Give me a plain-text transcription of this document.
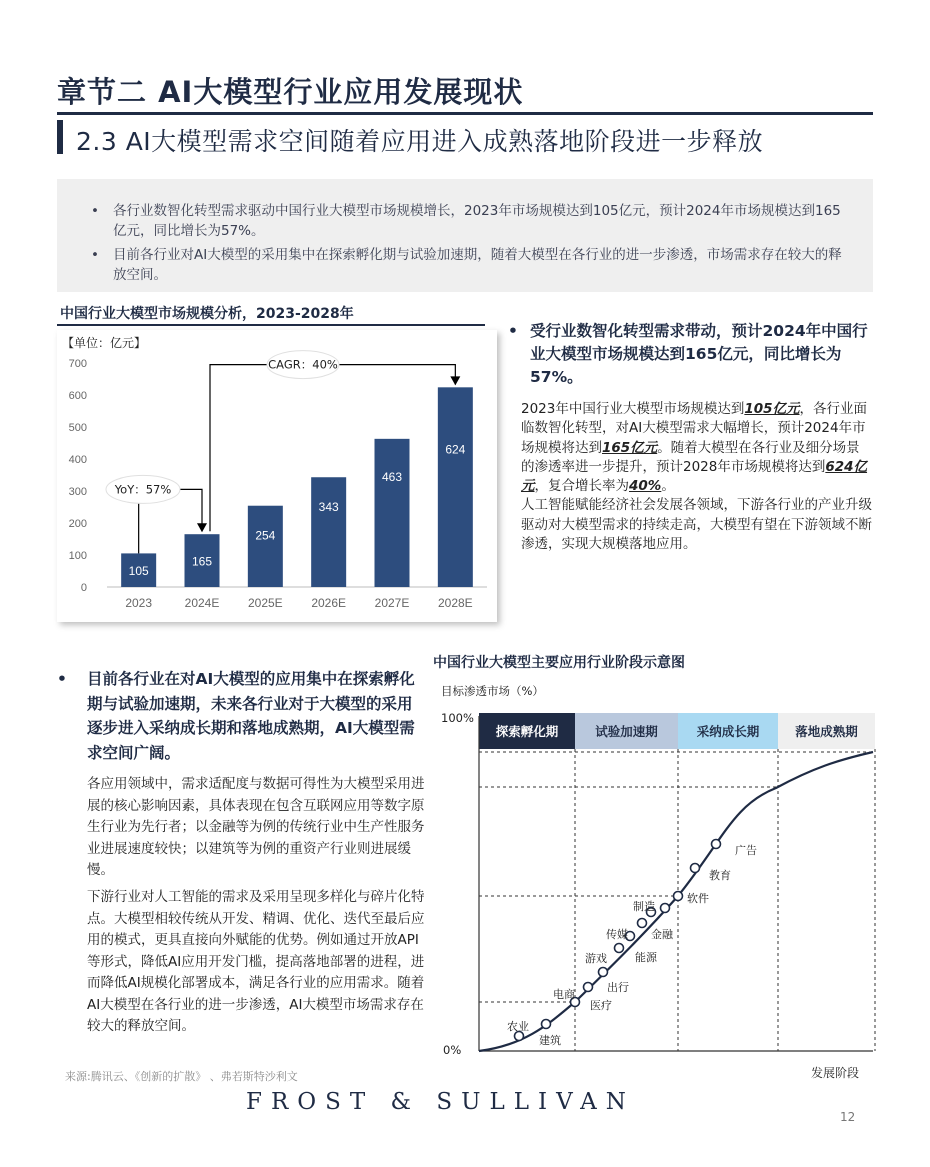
章节二 AI大模型行业应用发展现状
2.3 AI大模型需求空间随着应用进入成熟落地阶段进一步释放
•	各行业数智化转型需求驱动中国行业大模型市场规模增长，2023年市场规模达到105亿元，预计2024年市场规模达到165亿元，同比增长为57%。
•	目前各行业对AI大模型的采用集中在探索孵化期与试验加速期，随着大模型在各行业的进一步渗透，市场需求存在较大的释放空间。
中国行业大模型市场规模分析，2023-2028年
【单位：亿元】
0
100
200
300
400
500
600
700
105
2023
165
2024E
254
2025E
343
2026E
463
2027E
624
2028E
YoY：57%
CAGR：40%
• 受行业数智化转型需求带动，预计2024年中国行业大模型市场规模达到165亿元，同比增长为57%。

2023年中国行业大模型市场规模达到105亿元，各行业面临数智化转型，对AI大模型需求大幅增长，预计2024年市场规模将达到165亿元。随着大模型在各行业及细分场景的渗透率进一步提升，预计2028年市场规模将达到624亿元，复合增长率为40%。

人工智能赋能经济社会发展各领域，下游各行业的产业升级驱动对大模型需求的持续走高，大模型有望在下游领域不断渗透，实现大规模落地应用。

•	目前各行业在对AI大模型的应用集中在探索孵化期与试验加速期，未来各行业对于大模型的采用逐步进入采纳成长期和落地成熟期，AI大模型需求空间广阔。

各应用领域中，需求适配度与数据可得性为大模型采用进展的核心影响因素，具体表现在包含互联网应用等数字原生行业为先行者；以金融等为例的传统行业中生产性服务业进展速度较快；以建筑等为例的重资产行业则进展缓慢。

下游行业对人工智能的需求及采用呈现多样化与碎片化特点。大模型相较传统从开发、精调、优化、迭代至最后应用的模式，更具直接向外赋能的优势。例如通过开放API等形式，降低AI应用开发门槛，提高落地部署的进程，进而降低AI规模化部署成本，满足各行业的应用需求。随着AI大模型在各行业的进一步渗透，AI大模型市场需求存在较大的释放空间。

中国行业大模型主要应用行业阶段示意图
目标渗透市场（%）
100%
0%
发展阶段
探索孵化期	试验加速期	采纳成长期	落地成熟期
农业
建筑
电商
医疗
出行
游戏	能源
传媒 金融
制造
软件
教育
广告
来源:腾讯云、《创新的扩散》 、弗若斯特沙利文
FROST & SULLIVAN
12
